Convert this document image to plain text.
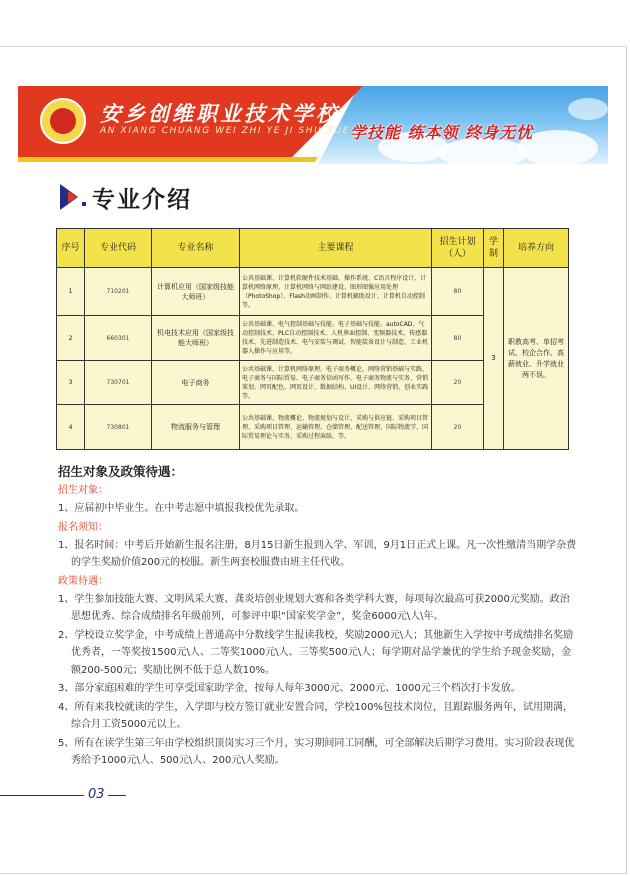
安乡创维职业技术学校
AN XIANG CHUANG WEI ZHI YE JI SHU XUE XIAO
学技能 练本领 终身无忧
专业介绍
序号	专业代码	专业名称	主要课程	招生计划（人）	学制	培养方向
1	710201	计算机应用（国家级技能大师班）	公共基础课、计算机软硬件技术基础、操作系统、C语言程序设计、计算机网络原理、计算机网络与网站建设、图形图像应用处理（PhotoShop）、Flash动画制作、计算机辅助设计、计算机自动控制等。	80	3	职教高考、单招考试、校企合作、高薪就业、升学就业两不误。
2	660301	机电技术应用（国家级技能大师班）	公共基础课、电气控制基础与技能、电子基础与技能、autoCAD、气动控制技术、PLC自动控制技术、人机界面控制、变频器技术、传感器技术、先进制造技术、电气安装与调试、智能装备设计与制造、工业机器人操作与应用等。	80		
3	730701	电子商务	公共基础课、计算机网络原理、电子商务概论、网络营销基础与实践、电子商务与国际贸易、电子商务信函写作、电子商务物流与实务、营销策划、网页配色、网页设计、数据结构、UI设计、网络营销、创业实践等。	20		
4	730801	物流服务与管理	公共基础课、物流概论、物流规划与设计、采购与供应链、采购项目管理、采购项目管理、运输管理、仓储管理、配送管理、国际物流学、国际贸易理论与实务、采购过程演练、等。	20		
招生对象及政策待遇：
招生对象：
1、应届初中毕业生。在中考志愿中填报我校优先录取。
报名须知：
1、报名时间：中考后开始新生报名注册，8月15日新生报到入学、军训，9月1日正式上课。凡一次性缴清当期学杂费的学生奖励价值200元的校服。新生两套校服费由班主任代收。
政策待遇：
1、学生参加技能大赛、文明风采大赛、龚炎培创业规划大赛和各类学科大赛，每项每次最高可获2000元奖励。政治思想优秀、综合成绩排名年级前列，可参评中职“国家奖学金”，奖金6000元\人\年。
2、学校设立奖学金，中考成绩上普通高中分数线学生报读我校，奖励2000元\人；其他新生入学按中考成绩排名奖励优秀者，一等奖按1500元\人、二等奖1000元\人、三等奖500元\人；每学期对品学兼优的学生给予现金奖励，金额200-500元；奖励比例不低于总人数10%。
3、部分家庭困难的学生可享受国家助学金，按每人每年3000元、2000元、1000元三个档次打卡发放。
4、所有来我校就读的学生，入学即与校方签订就业安置合同，学校100%包技术岗位，且跟踪服务两年，试用期满，综合月工资5000元以上。
5、所有在读学生第三年由学校组织顶岗实习三个月，实习期间同工同酬，可全部解决后期学习费用。实习阶段表现优秀给予1000元\人、500元\人、200元\人奖励。
03
